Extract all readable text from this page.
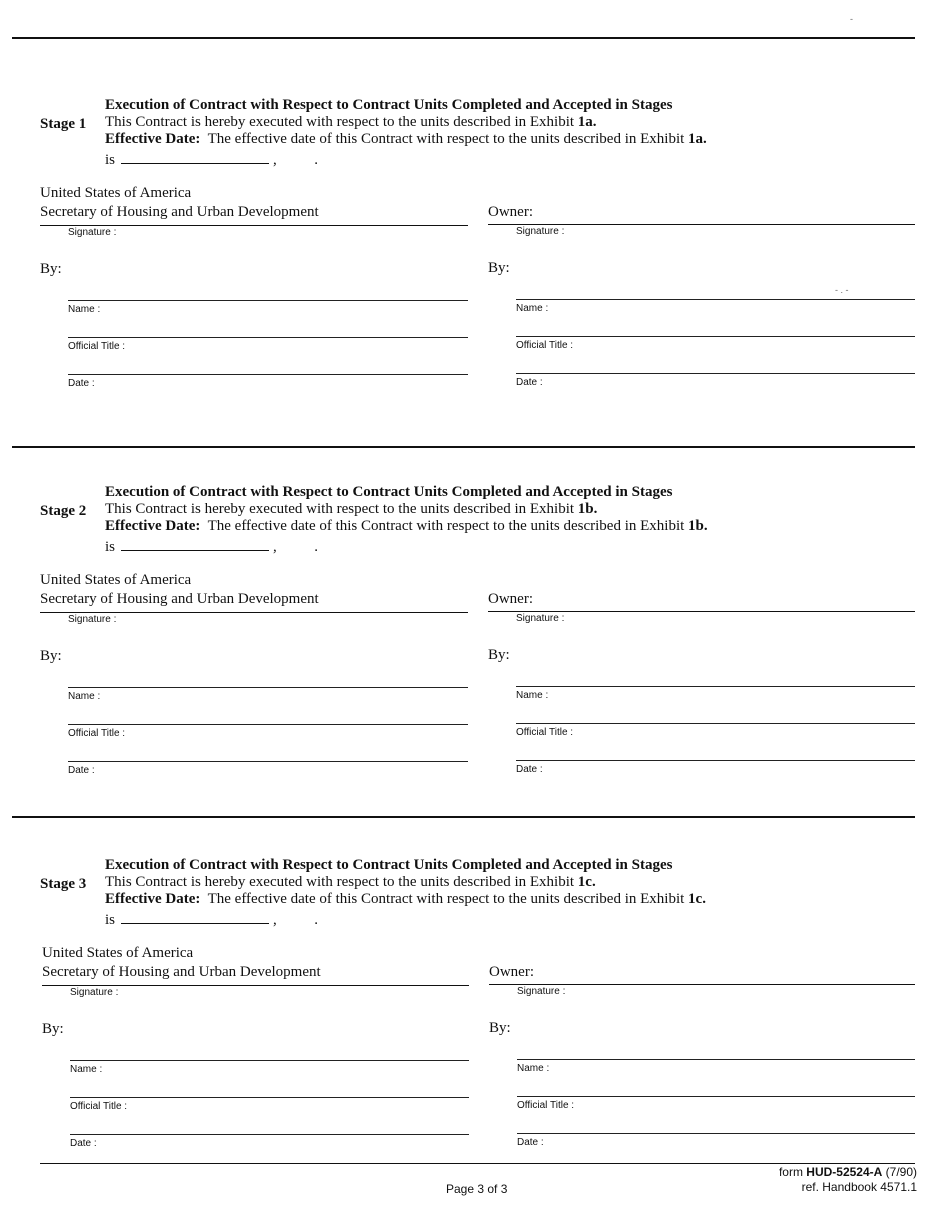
-
Stage 1
Execution of Contract with Respect to Contract Units Completed and Accepted in Stages
This Contract is hereby executed with respect to the units described in Exhibit 1a.
Effective Date: The effective date of this Contract with respect to the units described in Exhibit 1a.
is	,	.
United States of America
Secretary of Housing and Urban Development	Owner:
Signature :	Signature :
By:	By:
Name :	Name :
Official Title :	Official Title :
Date :	Date :
- . -
Stage 2
Execution of Contract with Respect to Contract Units Completed and Accepted in Stages
This Contract is hereby executed with respect to the units described in Exhibit 1b.
Effective Date: The effective date of this Contract with respect to the units described in Exhibit 1b.
is	,	.
United States of America
Secretary of Housing and Urban Development	Owner:
Signature :	Signature :
By:	By:
Name :	Name :
Official Title :	Official Title :
Date :	Date :
Stage 3
Execution of Contract with Respect to Contract Units Completed and Accepted in Stages
This Contract is hereby executed with respect to the units described in Exhibit 1c.
Effective Date: The effective date of this Contract with respect to the units described in Exhibit 1c.
is	,	.
United States of America
Secretary of Housing and Urban Development	Owner:
Signature :	Signature :
By:	By:
Name :	Name :
Official Title :	Official Title :
Date :	Date :
form HUD-52524-A (7/90)
ref. Handbook 4571.1
Page 3 of 3
